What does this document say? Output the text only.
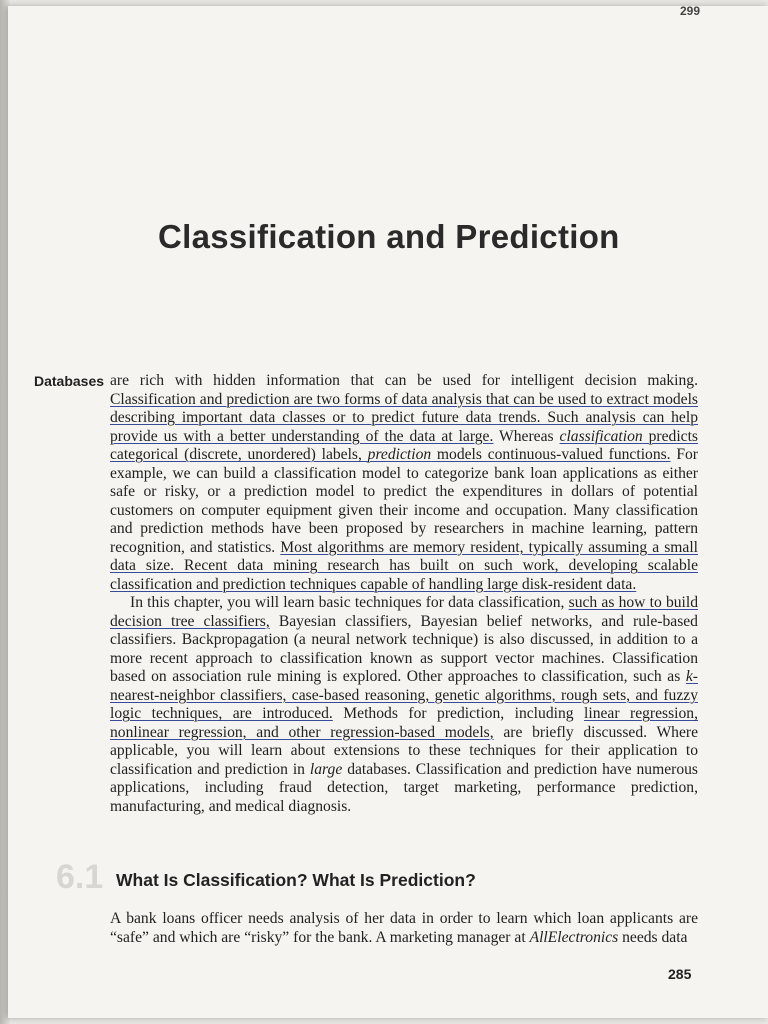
299
Classification and Prediction
Databases are rich with hidden information that can be used for intelligent decision making. Classification and prediction are two forms of data analysis that can be used to extract models describing important data classes or to predict future data trends. Such analysis can help provide us with a better understanding of the data at large. Whereas classification predicts categorical (discrete, unordered) labels, prediction models continuous-valued functions. For example, we can build a classification model to categorize bank loan applications as either safe or risky, or a prediction model to predict the expenditures in dollars of potential customers on computer equipment given their income and occupation. Many classification and prediction methods have been proposed by researchers in machine learning, pattern recognition, and statistics. Most algorithms are memory resident, typically assuming a small data size. Recent data mining research has built on such work, developing scalable classification and prediction techniques capable of handling large disk-resident data.

In this chapter, you will learn basic techniques for data classification, such as how to build decision tree classifiers, Bayesian classifiers, Bayesian belief networks, and rule-based classifiers. Backpropagation (a neural network technique) is also discussed, in addition to a more recent approach to classification known as support vector machines. Classification based on association rule mining is explored. Other approaches to classification, such as k-nearest-neighbor classifiers, case-based reasoning, genetic algorithms, rough sets, and fuzzy logic techniques, are introduced. Methods for prediction, including linear regression, nonlinear regression, and other regression-based models, are briefly discussed. Where applicable, you will learn about extensions to these techniques for their application to classification and prediction in large databases. Classification and prediction have numerous applications, including fraud detection, target marketing, performance prediction, manufacturing, and medical diagnosis.

6.1 What Is Classification? What Is Prediction?

A bank loans officer needs analysis of her data in order to learn which loan applicants are “safe” and which are “risky” for the bank. A marketing manager at AllElectronics needs data

285
